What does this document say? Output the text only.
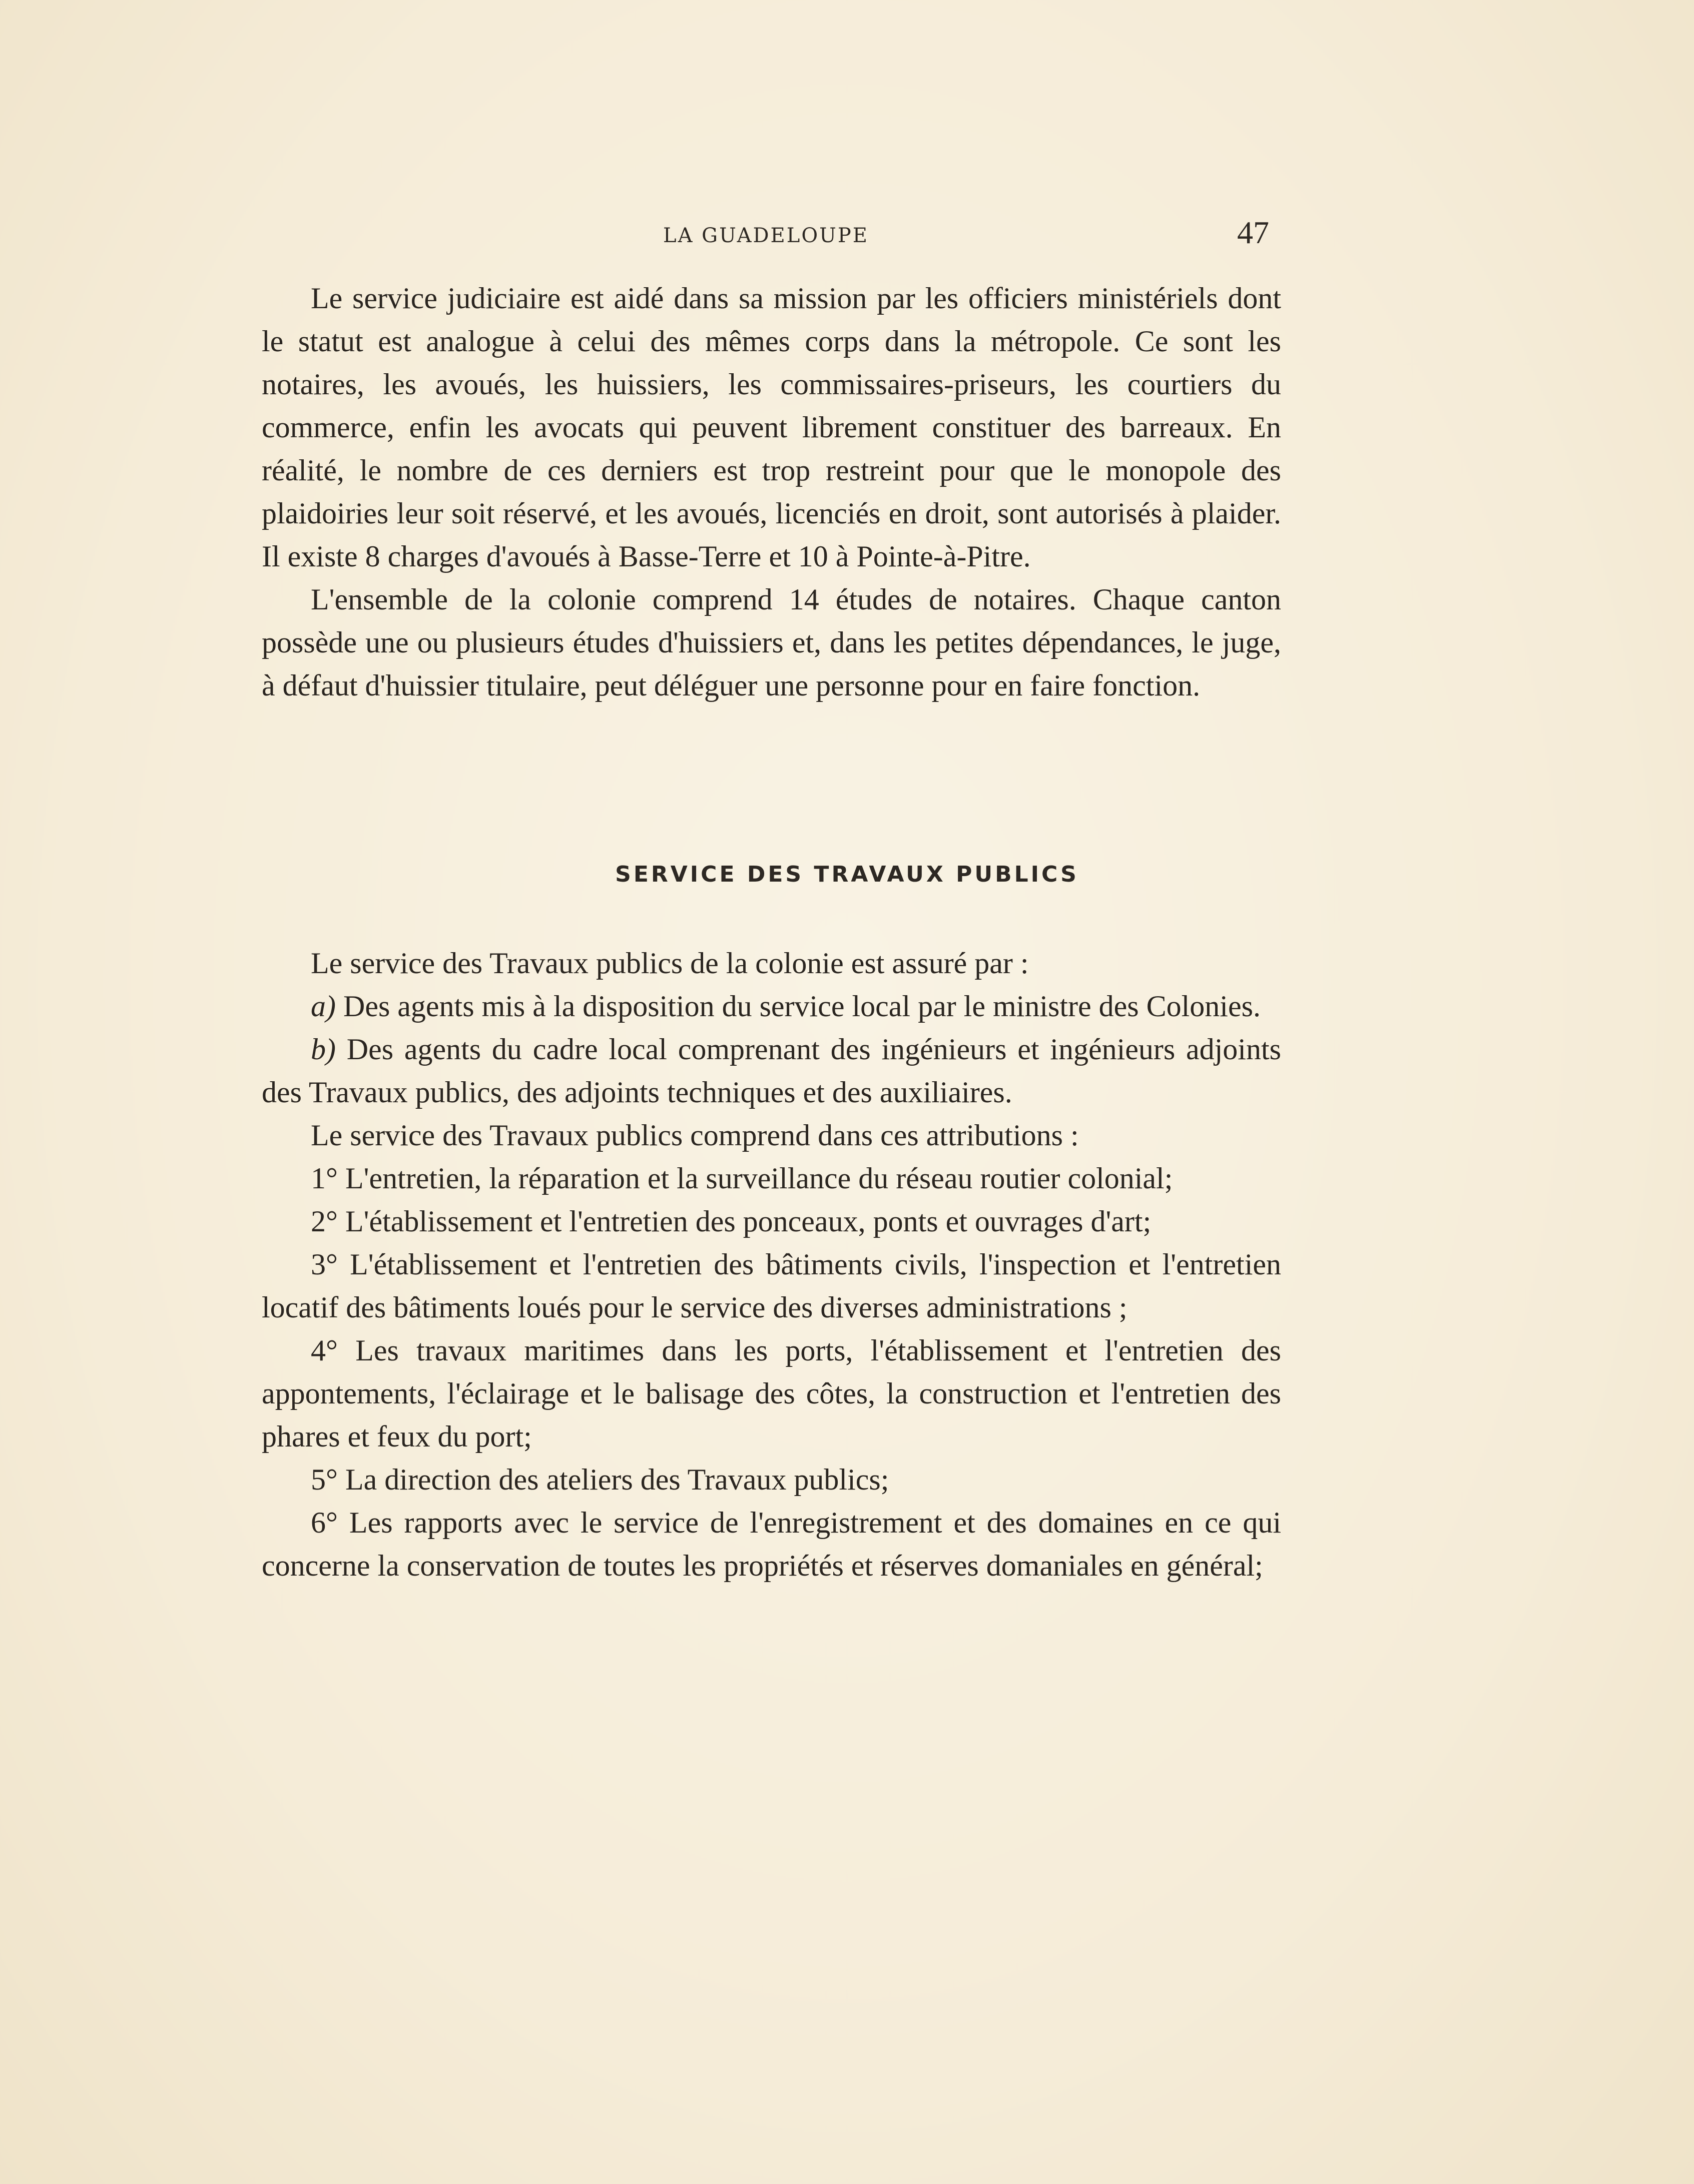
LA GUADELOUPE	47

Le service judiciaire est aidé dans sa mission par les officiers ministériels dont le statut est analogue à celui des mêmes corps dans la métropole. Ce sont les notaires, les avoués, les huissiers, les commissaires-priseurs, les courtiers du commerce, enfin les avocats qui peuvent librement constituer des barreaux. En réalité, le nombre de ces derniers est trop restreint pour que le monopole des plaidoiries leur soit réservé, et les avoués, licenciés en droit, sont autorisés à plaider. Il existe 8 charges d'avoués à Basse-Terre et 10 à Pointe-à-Pitre.

L'ensemble de la colonie comprend 14 études de notaires. Chaque canton possède une ou plusieurs études d'huissiers et, dans les petites dépendances, le juge, à défaut d'huissier titulaire, peut déléguer une personne pour en faire fonction.

SERVICE DES TRAVAUX PUBLICS

Le service des Travaux publics de la colonie est assuré par :

a) Des agents mis à la disposition du service local par le ministre des Colonies.

b) Des agents du cadre local comprenant des ingénieurs et ingénieurs adjoints des Travaux publics, des adjoints techniques et des auxiliaires.

Le service des Travaux publics comprend dans ces attributions :

1° L'entretien, la réparation et la surveillance du réseau routier colonial;

2° L'établissement et l'entretien des ponceaux, ponts et ouvrages d'art;

3° L'établissement et l'entretien des bâtiments civils, l'inspection et l'entretien locatif des bâtiments loués pour le service des diverses administrations ;

4° Les travaux maritimes dans les ports, l'établissement et l'entretien des appontements, l'éclairage et le balisage des côtes, la construction et l'entretien des phares et feux du port;

5° La direction des ateliers des Travaux publics;

6° Les rapports avec le service de l'enregistrement et des domaines en ce qui concerne la conservation de toutes les propriétés et réserves domaniales en général;
